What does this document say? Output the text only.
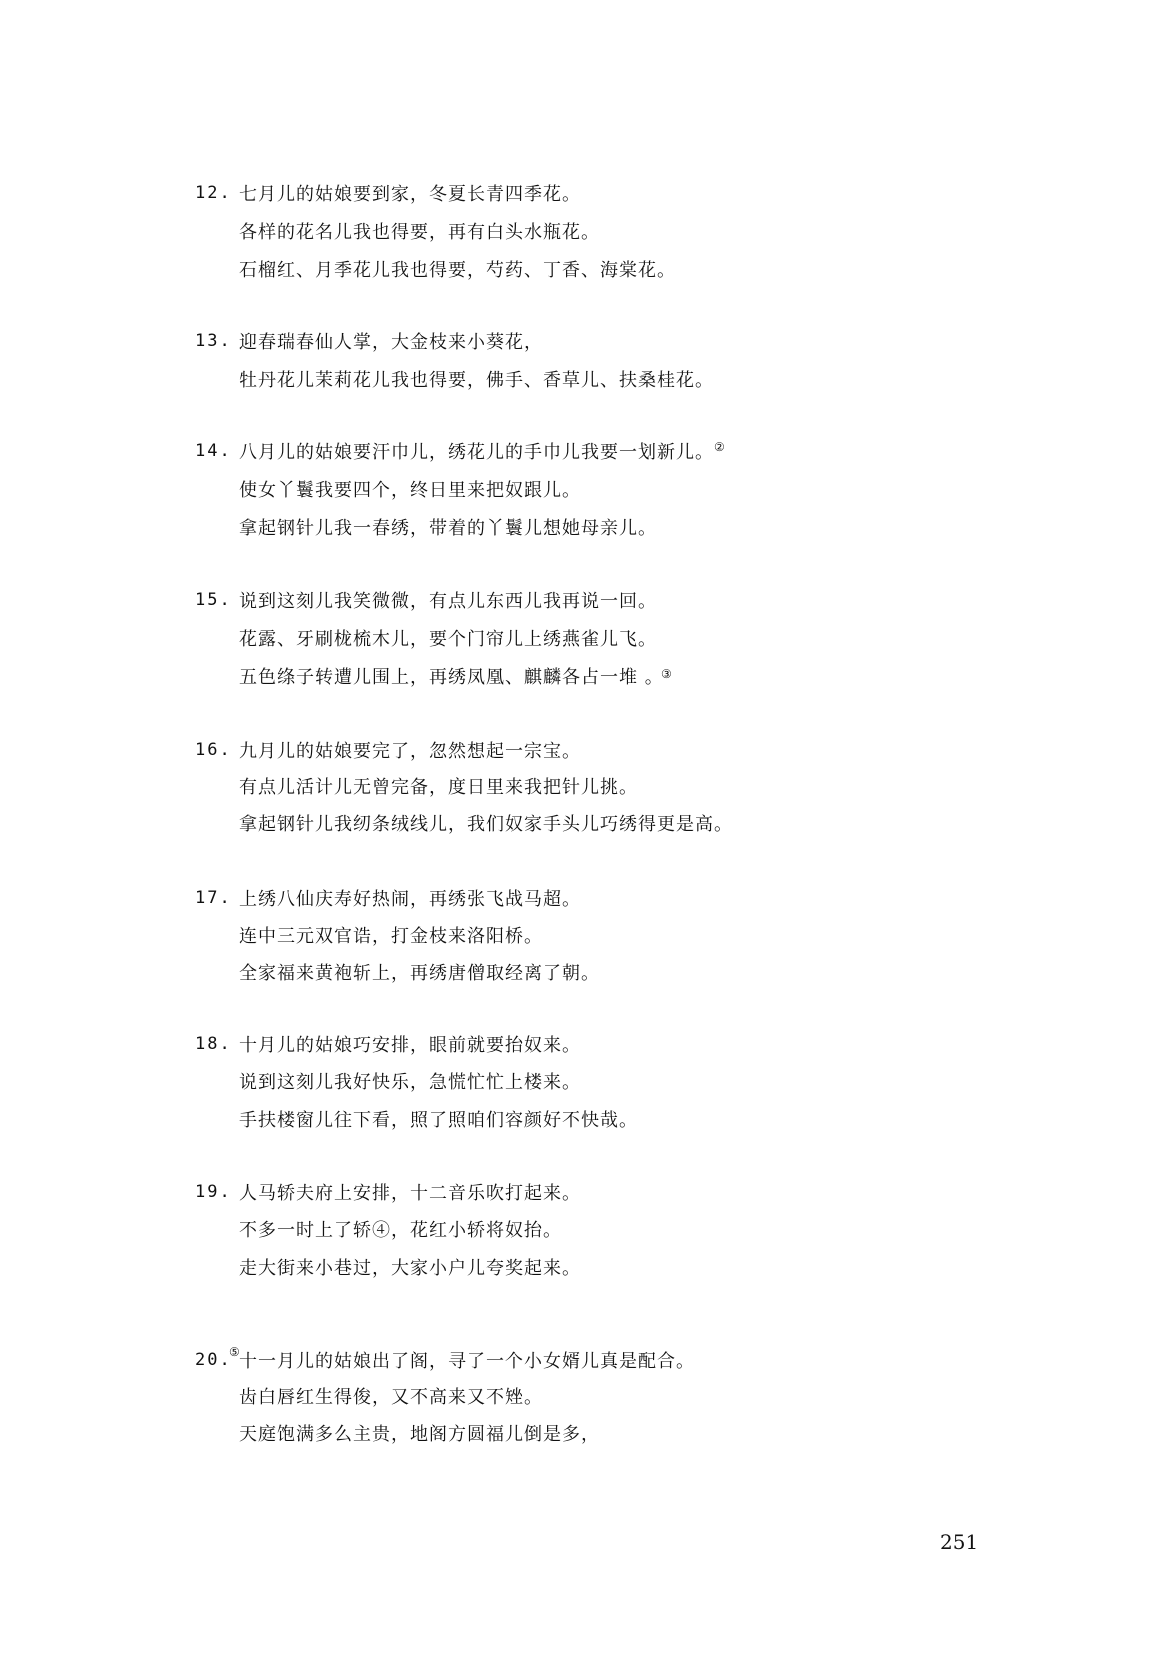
12. 七月儿的姑娘要到家，冬夏长青四季花。
各样的花名儿我也得要，再有白头水瓶花。
石榴红、月季花儿我也得要，芍药、丁香、海棠花。
13. 迎春瑞春仙人掌，大金枝来小葵花，
牡丹花儿茉莉花儿我也得要，佛手、香草儿、扶桑桂花。
14. 八月儿的姑娘要汗巾儿，绣花儿的手巾儿我要一划新儿。②
使女丫鬟我要四个，终日里来把奴跟儿。
拿起钢针儿我一春绣，带着的丫鬟儿想她母亲儿。
15. 说到这刻儿我笑微微，有点儿东西儿我再说一回。
花露、牙刷栊梳木儿，要个门帘儿上绣燕雀儿飞。
五色绦子转遭儿围上，再绣凤凰、麒麟各占一堆 。
③
16. 九月儿的姑娘要完了，忽然想起一宗宝。
有点儿活计儿无曾完备，度日里来我把针儿挑。
拿起钢针儿我纫条绒线儿，我们奴家手头儿巧绣得更是高。
17. 上绣八仙庆寿好热闹，再绣张飞战马超。
连中三元双官诰，打金枝来洛阳桥。
全家福来黄袍斩上，再绣唐僧取经离了朝。
18. 十月儿的姑娘巧安排，眼前就要抬奴来。
说到这刻儿我好快乐，急慌忙忙上楼来。
手扶楼窗儿往下看，照了照咱们容颜好不快哉。
19. 人马轿夫府上安排，十二音乐吹打起来。
不多一时上了轿④，花红小轿将奴抬。
走大街来小巷过，大家小户儿夸奖起来。
20.
⑤ 十一月儿的姑娘出了阁，寻了一个小女婿儿真是配合。
齿白唇红生得俊，又不高来又不矬。
天庭饱满多么主贵，地阁方圆福儿倒是多，
251
